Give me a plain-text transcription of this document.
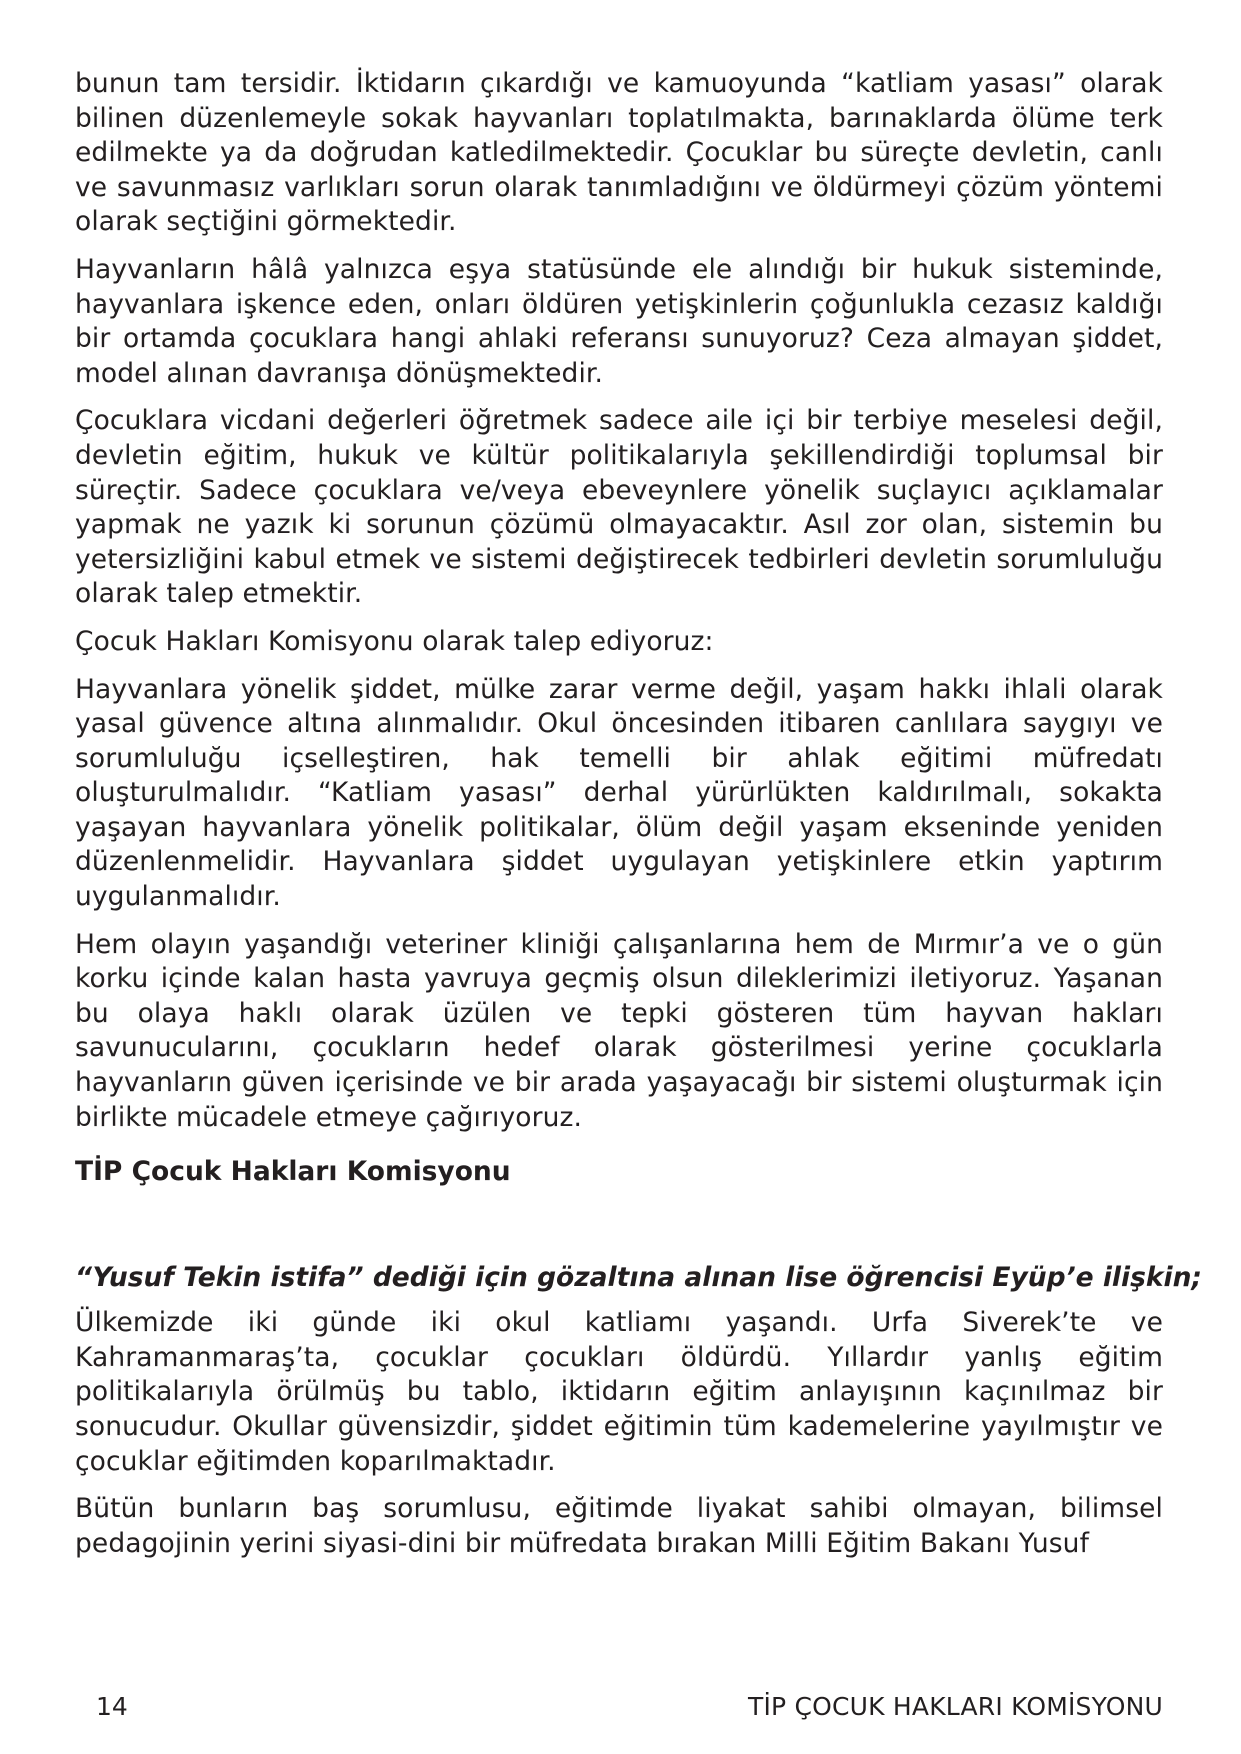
bunun tam tersidir. İktidarın çıkardığı ve kamuoyunda “katliam yasası” olarak bilinen düzenlemeyle sokak hayvanları toplatılmakta, barınaklarda ölüme terk edilmekte ya da doğrudan katledilmektedir. Çocuklar bu süreçte devletin, canlı ve savunmasız varlıkları sorun olarak tanımladığını ve öldürmeyi çözüm yöntemi olarak seçtiğini görmektedir.

Hayvanların hâlâ yalnızca eşya statüsünde ele alındığı bir hukuk sisteminde, hayvanlara işkence eden, onları öldüren yetişkinlerin çoğunlukla cezasız kaldığı bir ortamda çocuklara hangi ahlaki referansı sunuyoruz? Ceza almayan şiddet, model alınan davranışa dönüşmektedir.

Çocuklara vicdani değerleri öğretmek sadece aile içi bir terbiye meselesi değil, devletin eğitim, hukuk ve kültür politikalarıyla şekillendirdiği toplumsal bir süreçtir. Sadece çocuklara ve/veya ebeveynlere yönelik suçlayıcı açıklamalar yapmak ne yazık ki sorunun çözümü olmayacaktır. Asıl zor olan, sistemin bu yetersizliğini kabul etmek ve sistemi değiştirecek tedbirleri devletin sorumluluğu olarak talep etmektir.

Çocuk Hakları Komisyonu olarak talep ediyoruz:

Hayvanlara yönelik şiddet, mülke zarar verme değil, yaşam hakkı ihlali olarak yasal güvence altına alınmalıdır. Okul öncesinden itibaren canlılara saygıyı ve sorumluluğu içselleştiren, hak temelli bir ahlak eğitimi müfredatı oluşturulmalıdır. “Katliam yasası” derhal yürürlükten kaldırılmalı, sokakta yaşayan hayvanlara yönelik politikalar, ölüm değil yaşam ekseninde yeniden düzenlenmelidir. Hayvanlara şiddet uygulayan yetişkinlere etkin yaptırım uygulanmalıdır.

Hem olayın yaşandığı veteriner kliniği çalışanlarına hem de Mırmır’a ve o gün korku içinde kalan hasta yavruya geçmiş olsun dileklerimizi iletiyoruz. Yaşanan bu olaya haklı olarak üzülen ve tepki gösteren tüm hayvan hakları savunucularını, çocukların hedef olarak gösterilmesi yerine çocuklarla hayvanların güven içerisinde ve bir arada yaşayacağı bir sistemi oluşturmak için birlikte mücadele etmeye çağırıyoruz.

TİP Çocuk Hakları Komisyonu

“Yusuf Tekin istifa” dediği için gözaltına alınan lise öğrencisi Eyüp’e ilişkin;

Ülkemizde iki günde iki okul katliamı yaşandı. Urfa Siverek’te ve Kahramanmaraş’ta, çocuklar çocukları öldürdü. Yıllardır yanlış eğitim politikalarıyla örülmüş bu tablo, iktidarın eğitim anlayışının kaçınılmaz bir sonucudur. Okullar güvensizdir, şiddet eğitimin tüm kademelerine yayılmıştır ve çocuklar eğitimden koparılmaktadır.

Bütün bunların baş sorumlusu, eğitimde liyakat sahibi olmayan, bilimsel pedagojinin yerini siyasi-dini bir müfredata bırakan Milli Eğitim Bakanı Yusuf

14	TİP ÇOCUK HAKLARI KOMİSYONU
